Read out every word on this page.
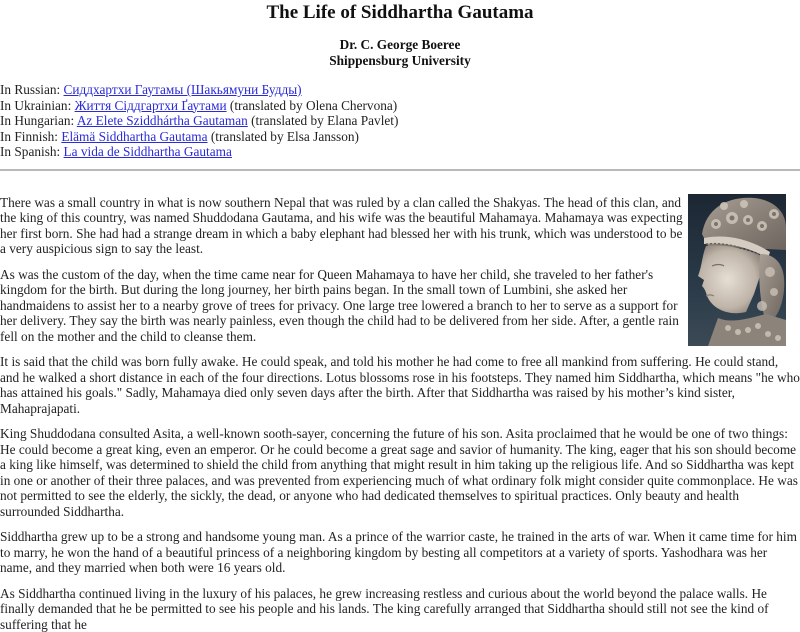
The Life of Siddhartha Gautama
Dr. C. George Boeree
Shippensburg University
In Russian: Сиддхартхи Гаутамы (Шакьямуни Будды)
In Ukrainian: Життя Сіддгартхи Ґаутами (translated by Olena Chervona)
In Hungarian: Az Elete Sziddhártha Gautaman (translated by Elana Pavlet)
In Finnish: Elämä Siddhartha Gautama (translated by Elsa Jansson)
In Spanish: La vida de Siddhartha Gautama

There was a small country in what is now southern Nepal that was ruled by a clan called the Shakyas. The head of this clan, and the king of this country, was named Shuddodana Gautama, and his wife was the beautiful Mahamaya. Mahamaya was expecting her first born. She had had a strange dream in which a baby elephant had blessed her with his trunk, which was understood to be a very auspicious sign to say the least.

As was the custom of the day, when the time came near for Queen Mahamaya to have her child, she traveled to her father's kingdom for the birth. But during the long journey, her birth pains began. In the small town of Lumbini, she asked her handmaidens to assist her to a nearby grove of trees for privacy. One large tree lowered a branch to her to serve as a support for her delivery. They say the birth was nearly painless, even though the child had to be delivered from her side. After, a gentle rain fell on the mother and the child to cleanse them.

It is said that the child was born fully awake. He could speak, and told his mother he had come to free all mankind from suffering. He could stand, and he walked a short distance in each of the four directions. Lotus blossoms rose in his footsteps. They named him Siddhartha, which means "he who has attained his goals." Sadly, Mahamaya died only seven days after the birth. After that Siddhartha was raised by his mother’s kind sister, Mahaprajapati.

King Shuddodana consulted Asita, a well-known sooth-sayer, concerning the future of his son. Asita proclaimed that he would be one of two things: He could become a great king, even an emperor. Or he could become a great sage and savior of humanity. The king, eager that his son should become a king like himself, was determined to shield the child from anything that might result in him taking up the religious life. And so Siddhartha was kept in one or another of their three palaces, and was prevented from experiencing much of what ordinary folk might consider quite commonplace. He was not permitted to see the elderly, the sickly, the dead, or anyone who had dedicated themselves to spiritual practices. Only beauty and health surrounded Siddhartha.

Siddhartha grew up to be a strong and handsome young man. As a prince of the warrior caste, he trained in the arts of war. When it came time for him to marry, he won the hand of a beautiful princess of a neighboring kingdom by besting all competitors at a variety of sports. Yashodhara was her name, and they married when both were 16 years old.

As Siddhartha continued living in the luxury of his palaces, he grew increasing restless and curious about the world beyond the palace walls. He finally demanded that he be permitted to see his people and his lands. The king carefully arranged that Siddhartha should still not see the kind of suffering that he
